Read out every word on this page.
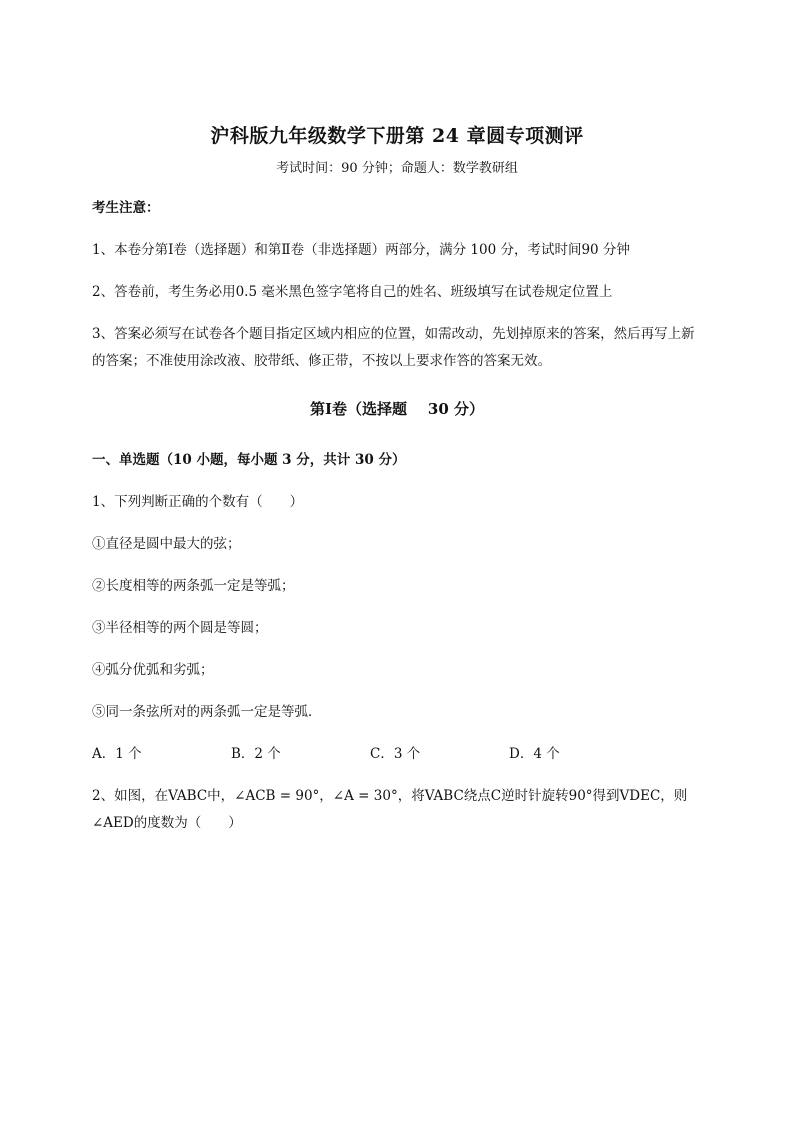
沪科版九年级数学下册第 24 章圆专项测评
考试时间：90 分钟；命题人：数学教研组
考生注意：
1、本卷分第Ⅰ卷（选择题）和第Ⅱ卷（非选择题）两部分，满分 100 分，考试时间90 分钟
2、答卷前，考生务必用0.5 毫米黑色签字笔将自己的姓名、班级填写在试卷规定位置上
3、答案必须写在试卷各个题目指定区域内相应的位置，如需改动，先划掉原来的答案，然后再写上新
的答案；不准使用涂改液、胶带纸、修正带，不按以上要求作答的答案无效。
第Ⅰ卷（选择题    30 分）
一、单选题（10 小题，每小题 3 分，共计 30 分）
1、下列判断正确的个数有（　　）
①直径是圆中最大的弦；
②长度相等的两条弧一定是等弧；
③半径相等的两个圆是等圆；
④弧分优弧和劣弧；
⑤同一条弦所对的两条弧一定是等弧．
A．1 个	B．2 个	C．3 个	D．4 个
2、如图，在VABC中，∠ACB = 90°，∠A = 30°，将VABC绕点C逆时针旋转90°得到VDEC，则
∠AED的度数为（　　）
